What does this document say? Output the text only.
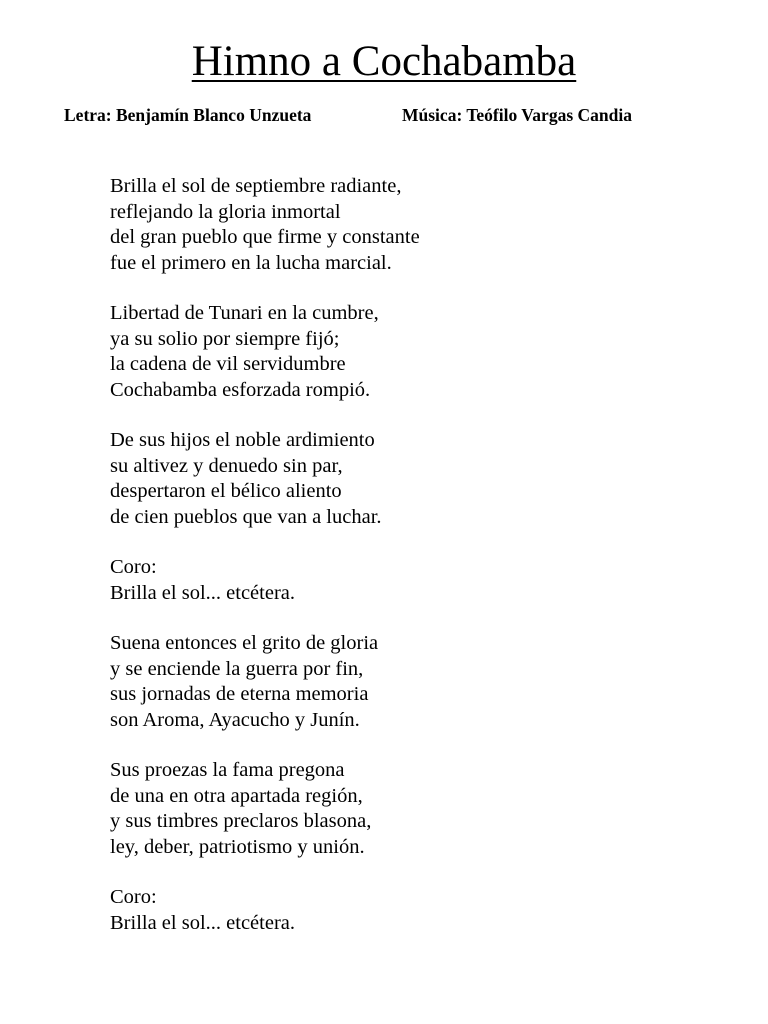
Himno a Cochabamba
Letra: Benjamín Blanco Unzueta	Música: Teófilo Vargas Candia
Brilla el sol de septiembre radiante,
reflejando la gloria inmortal
del gran pueblo que firme y constante
fue el primero en la lucha marcial.
Libertad de Tunari en la cumbre,
ya su solio por siempre fijó;
la cadena de vil servidumbre
Cochabamba esforzada rompió.
De sus hijos el noble ardimiento
su altivez y denuedo sin par,
despertaron el bélico aliento
de cien pueblos que van a luchar.
Coro:
Brilla el sol... etcétera.
Suena entonces el grito de gloria
y se enciende la guerra por fin,
sus jornadas de eterna memoria
son Aroma, Ayacucho y Junín.
Sus proezas la fama pregona
de una en otra apartada región,
y sus timbres preclaros blasona,
ley, deber, patriotismo y unión.
Coro:
Brilla el sol... etcétera.
